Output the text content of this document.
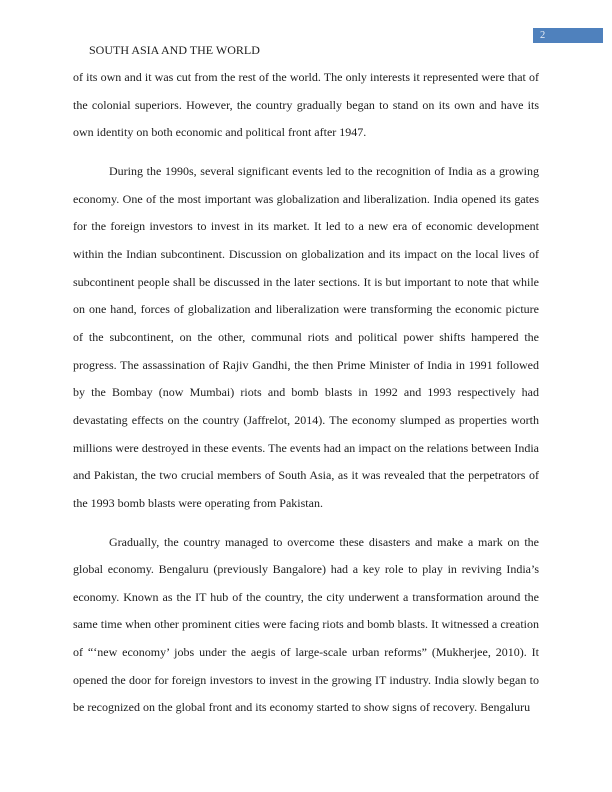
2
SOUTH ASIA AND THE WORLD

of its own and it was cut from the rest of the world. The only interests it represented were that of the colonial superiors. However, the country gradually began to stand on its own and have its own identity on both economic and political front after 1947.

During the 1990s, several significant events led to the recognition of India as a growing economy. One of the most important was globalization and liberalization. India opened its gates for the foreign investors to invest in its market. It led to a new era of economic development within the Indian subcontinent. Discussion on globalization and its impact on the local lives of subcontinent people shall be discussed in the later sections. It is but important to note that while on one hand, forces of globalization and liberalization were transforming the economic picture of the subcontinent, on the other, communal riots and political power shifts hampered the progress. The assassination of Rajiv Gandhi, the then Prime Minister of India in 1991 followed by the Bombay (now Mumbai) riots and bomb blasts in 1992 and 1993 respectively had devastating effects on the country (Jaffrelot, 2014). The economy slumped as properties worth millions were destroyed in these events. The events had an impact on the relations between India and Pakistan, the two crucial members of South Asia, as it was revealed that the perpetrators of the 1993 bomb blasts were operating from Pakistan.

Gradually, the country managed to overcome these disasters and make a mark on the global economy. Bengaluru (previously Bangalore) had a key role to play in reviving India’s economy. Known as the IT hub of the country, the city underwent a transformation around the same time when other prominent cities were facing riots and bomb blasts. It witnessed a creation of “‘new economy’ jobs under the aegis of large-scale urban reforms” (Mukherjee, 2010). It opened the door for foreign investors to invest in the growing IT industry. India slowly began to be recognized on the global front and its economy started to show signs of recovery. Bengaluru
